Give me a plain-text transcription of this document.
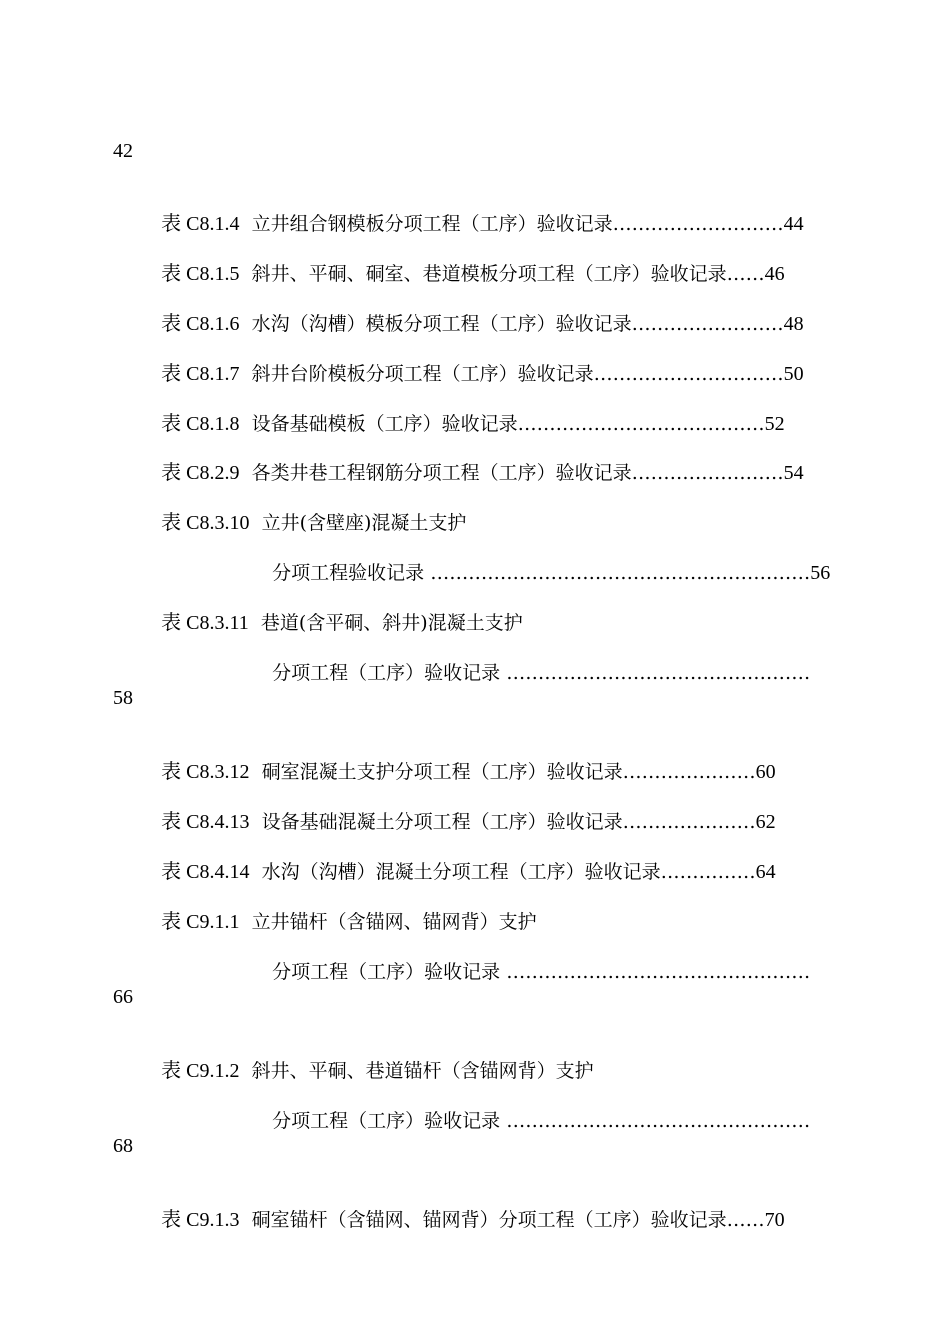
42

表 C8.1.4 立井组合钢模板分项工程（工序）验收记录………………………44

表 C8.1.5 斜井、平硐、硐室、巷道模板分项工程（工序）验收记录……46

表 C8.1.6 水沟（沟槽）模板分项工程（工序）验收记录……………………48

表 C8.1.7 斜井台阶模板分项工程（工序）验收记录…………………………50

表 C8.1.8 设备基础模板（工序）验收记录…………………………………52

表 C8.2.9 各类井巷工程钢筋分项工程（工序）验收记录……………………54

表 C8.3.10 立井(含壁座)混凝土支护

分项工程验收记录 ……………………………………………………56

表 C8.3.11 巷道(含平硐、斜井)混凝土支护

分项工程（工序）验收记录 …………………………………………

58

表 C8.3.12 硐室混凝土支护分项工程（工序）验收记录…………………60

表 C8.4.13 设备基础混凝土分项工程（工序）验收记录…………………62

表 C8.4.14 水沟（沟槽）混凝土分项工程（工序）验收记录……………64

表 C9.1.1 立井锚杆（含锚网、锚网背）支护

分项工程（工序）验收记录 …………………………………………

66

表 C9.1.2 斜井、平硐、巷道锚杆（含锚网背）支护

分项工程（工序）验收记录 …………………………………………

68

表 C9.1.3 硐室锚杆（含锚网、锚网背）分项工程（工序）验收记录……70
